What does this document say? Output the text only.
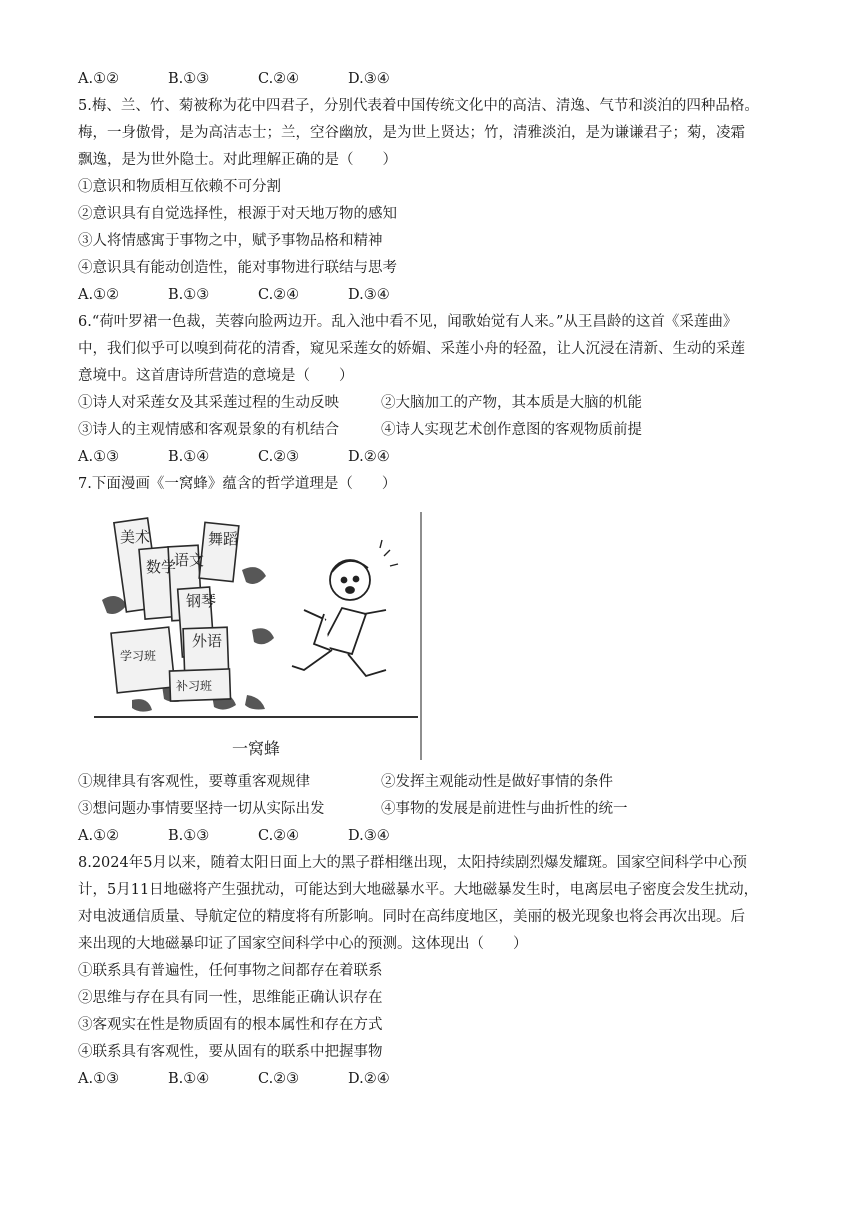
A.①②	B.①③	C.②④	D.③④
5.梅、兰、竹、菊被称为花中四君子，分别代表着中国传统文化中的高洁、清逸、气节和淡泊的四种品格。
梅，一身傲骨，是为高洁志士；兰，空谷幽放，是为世上贤达；竹，清雅淡泊，是为谦谦君子；菊，凌霜
飘逸，是为世外隐士。对此理解正确的是（　　）
①意识和物质相互依赖不可分割
②意识具有自觉选择性，根源于对天地万物的感知
③人将情感寓于事物之中，赋予事物品格和精神
④意识具有能动创造性，能对事物进行联结与思考
A.①②	B.①③	C.②④	D.③④
6.“荷叶罗裙一色裁，芙蓉向脸两边开。乱入池中看不见，闻歌始觉有人来。”从王昌龄的这首《采莲曲》
中，我们似乎可以嗅到荷花的清香，窥见采莲女的娇媚、采莲小舟的轻盈，让人沉浸在清新、生动的采莲
意境中。这首唐诗所营造的意境是（　　）
①诗人对采莲女及其采莲过程的生动反映	②大脑加工的产物，其本质是大脑的机能
③诗人的主观情感和客观景象的有机结合	④诗人实现艺术创作意图的客观物质前提
A.①③	B.①④	C.②③	D.②④
7.下面漫画《一窝蜂》蕴含的哲学道理是（　　）
美术
数学
语文
舞蹈
钢琴
外语
学习班
补习班
一窝蜂
①规律具有客观性，要尊重客观规律	②发挥主观能动性是做好事情的条件
③想问题办事情要坚持一切从实际出发	④事物的发展是前进性与曲折性的统一
A.①②	B.①③	C.②④	D.③④
8.2024年5月以来，随着太阳日面上大的黑子群相继出现，太阳持续剧烈爆发耀斑。国家空间科学中心预
计，5月11日地磁将产生强扰动，可能达到大地磁暴水平。大地磁暴发生时，电离层电子密度会发生扰动，
对电波通信质量、导航定位的精度将有所影响。同时在高纬度地区，美丽的极光现象也将会再次出现。后
来出现的大地磁暴印证了国家空间科学中心的预测。这体现出（　　）
①联系具有普遍性，任何事物之间都存在着联系
②思维与存在具有同一性，思维能正确认识存在
③客观实在性是物质固有的根本属性和存在方式
④联系具有客观性，要从固有的联系中把握事物
A.①③	B.①④	C.②③	D.②④
